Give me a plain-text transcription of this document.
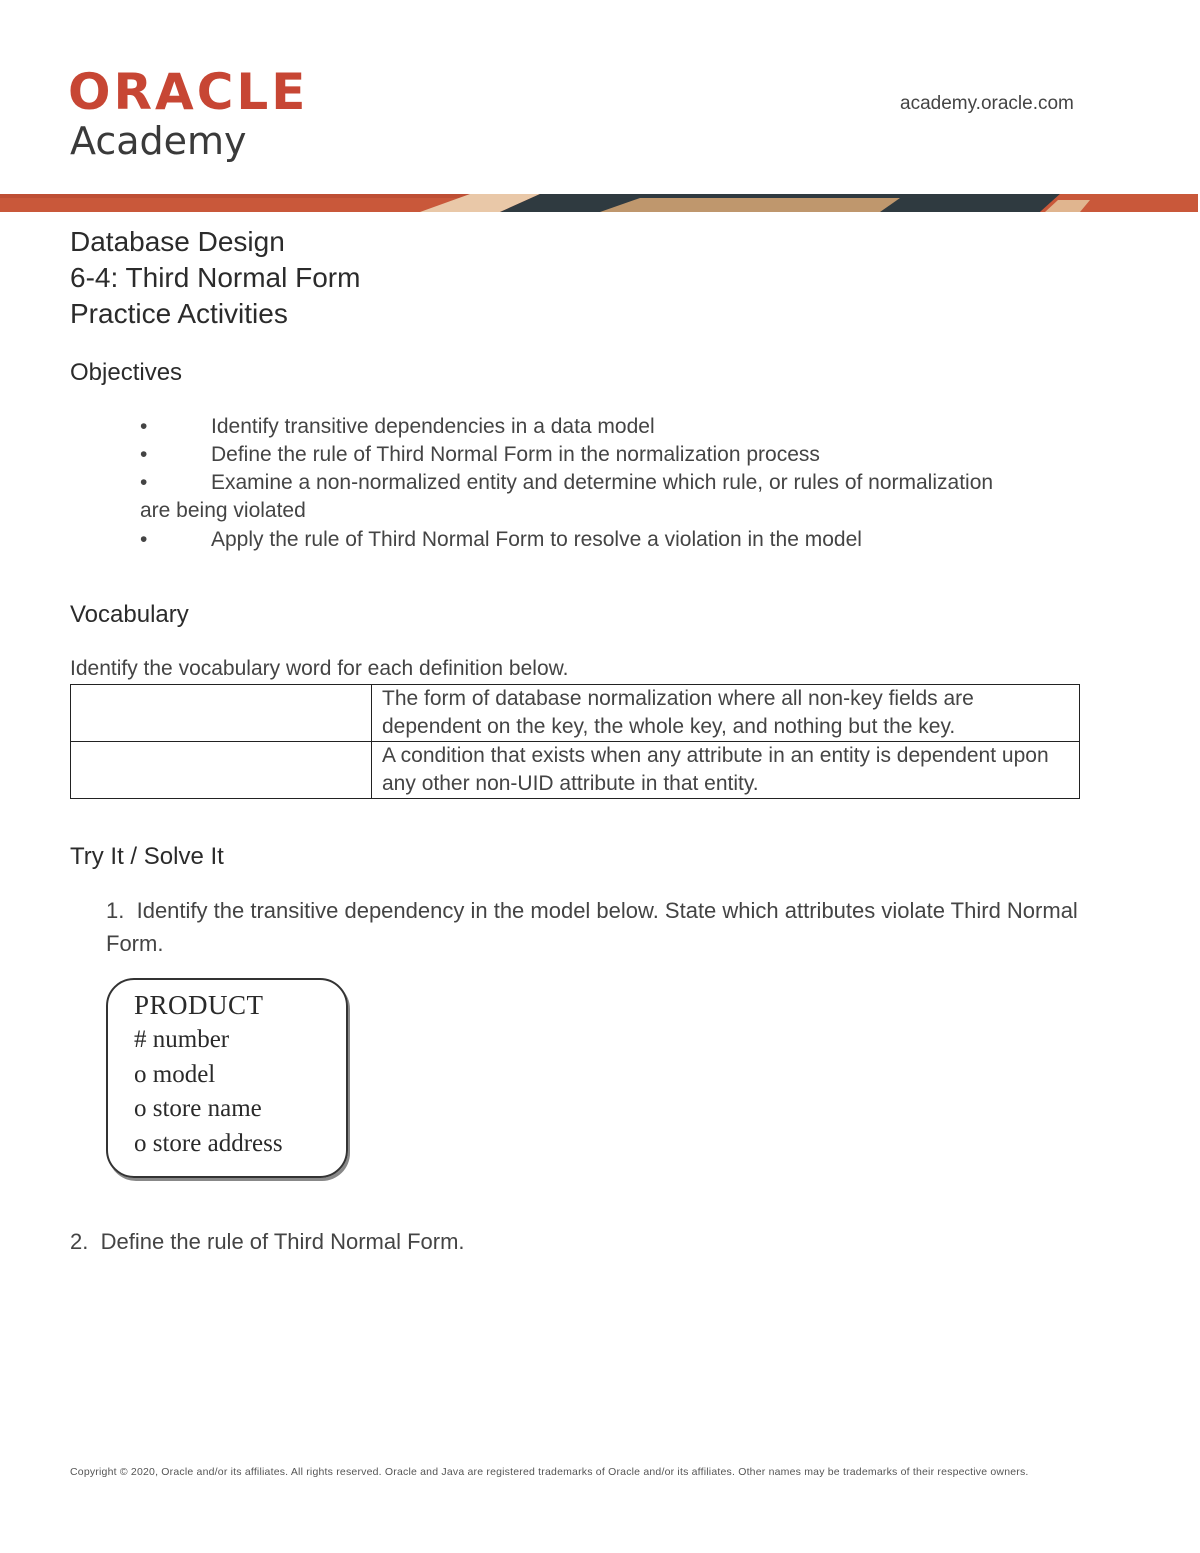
ORACLE
Academy
academy.oracle.com
Database Design
6-4: Third Normal Form
Practice Activities
Objectives
•	Identify transitive dependencies in a data model
•	Define the rule of Third Normal Form in the normalization process
•	Examine a non-normalized entity and determine which rule, or rules of normalization
are being violated
•	Apply the rule of Third Normal Form to resolve a violation in the model
Vocabulary
Identify the vocabulary word for each definition below.
	The form of database normalization where all non-key fields are dependent on the key, the whole key, and nothing but the key.
	A condition that exists when any attribute in an entity is dependent upon any other non-UID attribute in that entity.
Try It / Solve It
1. Identify the transitive dependency in the model below. State which attributes violate Third Normal Form.
PRODUCT
# number
o model
o store name
o store address
2. Define the rule of Third Normal Form.
Copyright © 2020, Oracle and/or its affiliates. All rights reserved. Oracle and Java are registered trademarks of Oracle and/or its affiliates. Other names may be trademarks of their respective owners.
